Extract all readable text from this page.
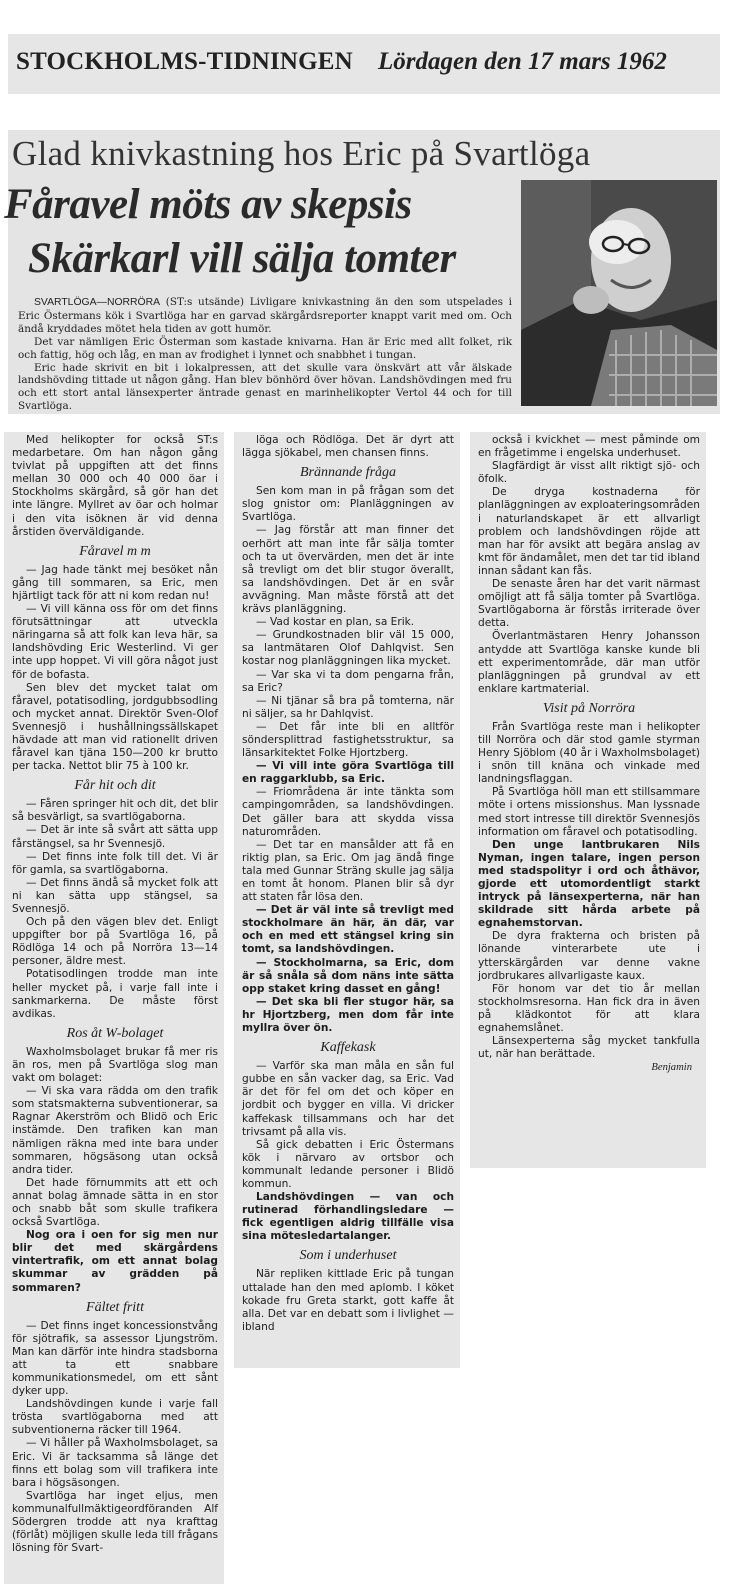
STOCKHOLMS-TIDNINGEN Lördagen den 17 mars 1962
Glad knivkastning hos Eric på Svartlöga
Fåravel möts av skepsis
Skärkarl vill sälja tomter

SVARTLÖGA—NORRÖRA (ST:s utsände) Livligare knivkastning än den som utspelades i Eric Östermans kök i Svartlöga har en garvad skärgårdsreporter knappt varit med om. Och ändå kryddades mötet hela tiden av gott humör.

Det var nämligen Eric Österman som kastade knivarna. Han är Eric med allt folket, rik och fattig, hög och låg, en man av frodighet i lynnet och snabbhet i tungan.

Eric hade skrivit en bit i lokalpressen, att det skulle vara önskvärt att vår älskade landshövding tittade ut någon gång. Han blev bönhörd över hövan. Landshövdingen med fru och ett stort antal länsexperter äntrade genast en marinhelikopter Vertol 44 och for till Svartlöga.

Med helikopter for också ST:s medarbetare. Om han någon gång tvivlat på uppgiften att det finns mellan 30 000 och 40 000 öar i Stockholms skärgård, så gör han det inte längre. Myllret av öar och holmar i den vita isöknen är vid denna årstiden överväldigande.

Fåravel m m

— Jag hade tänkt mej besöket nån gång till sommaren, sa Eric, men hjärtligt tack för att ni kom redan nu!

— Vi vill känna oss för om det finns förutsättningar att utveckla näringarna så att folk kan leva här, sa landshövding Eric Westerlind. Vi ger inte upp hoppet. Vi vill göra något just för de bofasta.

Sen blev det mycket talat om fåravel, potatisodling, jordgubbsodling och mycket annat. Direktör Sven-Olof Svennesjö i hushållningssällskapet hävdade att man vid rationellt driven fåravel kan tjäna 150—200 kr brutto per tacka. Nettot blir 75 à 100 kr.

Får hit och dit

— Fåren springer hit och dit, det blir så besvärligt, sa svartlögaborna.

— Det är inte så svårt att sätta upp fårstängsel, sa hr Svennesjö.

— Det finns inte folk till det. Vi är för gamla, sa svartlögaborna.

— Det finns ändå så mycket folk att ni kan sätta upp stängsel, sa Svennesjö.

Och på den vägen blev det. Enligt uppgifter bor på Svartlöga 16, på Rödlöga 14 och på Norröra 13—14 personer, äldre mest.

Potatisodlingen trodde man inte heller mycket på, i varje fall inte i sankmarkerna. De måste först avdikas.

Ros åt W-bolaget

Waxholmsbolaget brukar få mer ris än ros, men på Svartlöga slog man vakt om bolaget:

— Vi ska vara rädda om den trafik som statsmakterna subventionerar, sa Ragnar Akerström och Blidö och Eric instämde. Den trafiken kan man nämligen räkna med inte bara under sommaren, högsäsong utan också andra tider.

Det hade förnummits att ett och annat bolag ämnade sätta in en stor och snabb båt som skulle trafikera också Svartlöga.

Nog ora i oen for sig men nur blir det med skärgårdens vintertrafik, om ett annat bolag skummar av grädden på sommaren?

Fältet fritt

— Det finns inget koncessionstvång för sjötrafik, sa assessor Ljungström. Man kan därför inte hindra stadsborna att ta ett snabbare kommunikationsmedel, om ett sånt dyker upp.

Landshövdingen kunde i varje fall trösta svartlögaborna med att subventionerna räcker till 1964.

— Vi håller på Waxholmsbolaget, sa Eric. Vi är tacksamma så länge det finns ett bolag som vill trafikera inte bara i högsäsongen.

Svartlöga har inget eljus, men kommunalfullmäktigeordföranden Alf Södergren trodde att nya krafttag (förlåt) möjligen skulle leda till frågans lösning för Svart-

löga och Rödlöga. Det är dyrt att lägga sjökabel, men chansen finns.

Brännande fråga

Sen kom man in på frågan som det slog gnistor om: Planläggningen av Svartlöga.

— Jag förstår att man finner det oerhört att man inte får sälja tomter och ta ut övervärden, men det är inte så trevligt om det blir stugor överallt, sa landshövdingen. Det är en svår avvägning. Man måste förstå att det krävs planläggning.

— Vad kostar en plan, sa Erik.

— Grundkostnaden blir väl 15 000, sa lantmätaren Olof Dahlqvist. Sen kostar nog planläggningen lika mycket.

— Var ska vi ta dom pengarna från, sa Eric?

— Ni tjänar så bra på tomterna, när ni säljer, sa hr Dahlqvist.

— Det får inte bli en alltför söndersplittrad fastighetsstruktur, sa länsarkitektet Folke Hjortzberg.

— Vi vill inte göra Svartlöga till en raggarklubb, sa Eric.

— Friområdena är inte tänkta som campingområden, sa landshövdingen. Det gäller bara att skydda vissa naturområden.

— Det tar en mansålder att få en riktig plan, sa Eric. Om jag ändå finge tala med Gunnar Sträng skulle jag sälja en tomt åt honom. Planen blir så dyr att staten får lösa den.

— Det är väl inte så trevligt med stockholmare än här, än där, var och en med ett stängsel kring sin tomt, sa landshövdingen.

— Stockholmarna, sa Eric, dom är så snåla så dom näns inte sätta opp staket kring dasset en gång!

— Det ska bli fler stugor här, sa hr Hjortzberg, men dom får inte myllra över ön.

Kaffekask

— Varför ska man måla en sån ful gubbe en sån vacker dag, sa Eric. Vad är det för fel om det och köper en jordbit och bygger en villa. Vi dricker kaffekask tillsammans och har det trivsamt på alla vis.

Så gick debatten i Eric Östermans kök i närvaro av ortsbor och kommunalt ledande personer i Blidö kommun.

Landshövdingen — van och rutinerad förhandlingsledare — fick egentligen aldrig tillfälle visa sina mötesledartalanger.

Som i underhuset

När repliken kittlade Eric på tungan uttalade han den med aplomb. I köket kokade fru Greta starkt, gott kaffe åt alla. Det var en debatt som i livlighet — ibland

också i kvickhet — mest påminde om en frågetimme i engelska underhuset.

Slagfärdigt är visst allt riktigt sjö- och öfolk.

De dryga kostnaderna för planläggningen av exploateringsområden i naturlandskapet är ett allvarligt problem och landshövdingen röjde att man har för avsikt att begära anslag av kmt för ändamålet, men det tar tid ibland innan sådant kan fås.

De senaste åren har det varit närmast omöjligt att få sälja tomter på Svartlöga. Svartlögaborna är förstås irriterade över detta.

Överlantmästaren Henry Johansson antydde att Svartlöga kanske kunde bli ett experimentområde, där man utför planläggningen på grundval av ett enklare kartmaterial.

Visit på Norröra

Från Svartlöga reste man i helikopter till Norröra och där stod gamle styrman Henry Sjöblom (40 år i Waxholmsbolaget) i snön till knäna och vinkade med landningsflaggan.

På Svartlöga höll man ett stillsammare möte i ortens missionshus. Man lyssnade med stort intresse till direktör Svennesjös information om fåravel och potatisodling.

Den unge lantbrukaren Nils Nyman, ingen talare, ingen person med stadspolityr i ord och åthävor, gjorde ett utomordentligt starkt intryck på länsexperterna, när han skildrade sitt hårda arbete på egnahemstorvan.

De dyra frakterna och bristen på lönande vinterarbete ute i ytterskärgården var denne vakne jordbrukares allvarligaste kaux.

För honom var det tio år mellan stockholmsresorna. Han fick dra in även på klädkontot för att klara egnahemslånet.

Länsexperterna såg mycket tankfulla ut, när han berättade.

Benjamin
